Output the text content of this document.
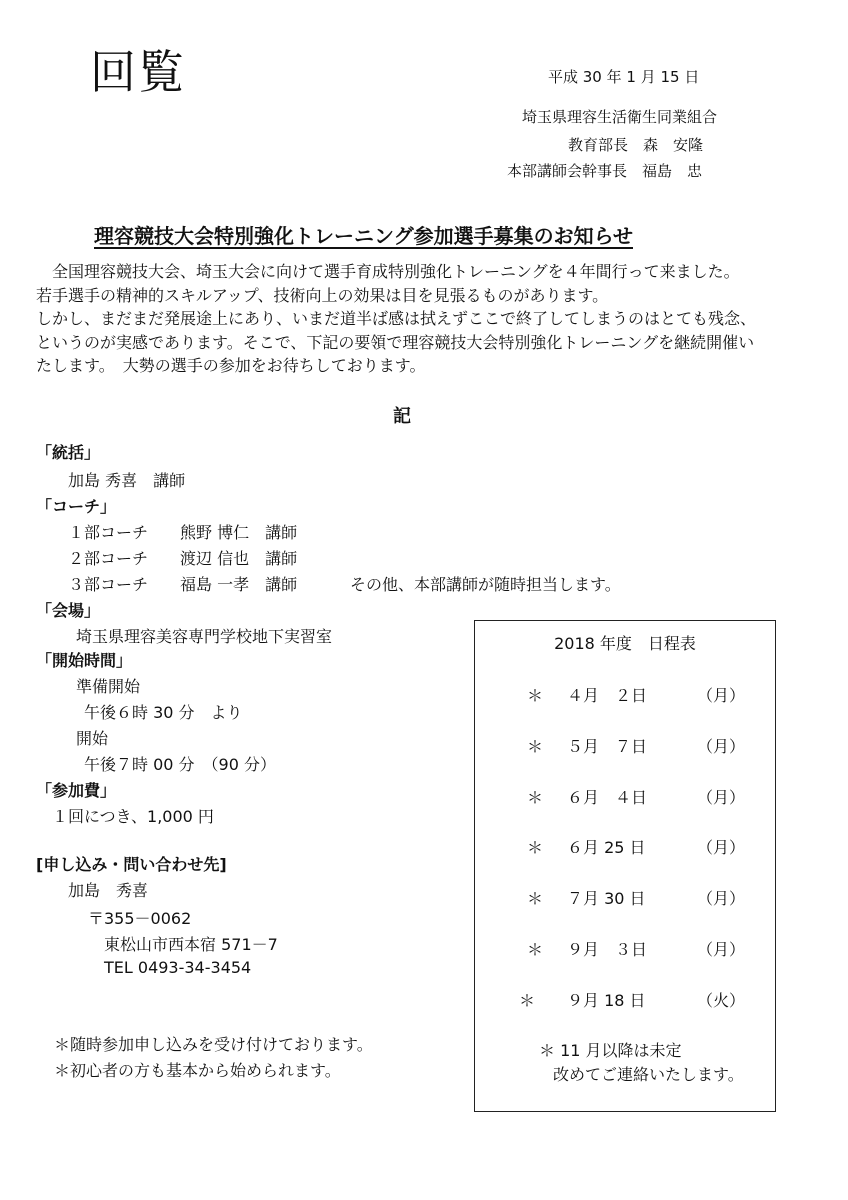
回覧	平成 30 年 1 月 15 日
埼玉県理容生活衛生同業組合
教育部長　森　安隆
本部講師会幹事長　福島　忠
理容競技大会特別強化トレーニング参加選手募集のお知らせ
　全国理容競技大会、埼玉大会に向けて選手育成特別強化トレーニングを４年間行って来ました。
若手選手の精神的スキルアップ、技術向上の効果は目を見張るものがあります。
しかし、まだまだ発展途上にあり、いまだ道半ば感は拭えずここで終了してしまうのはとても残念、
というのが実感であります。そこで、下記の要領で理容競技大会特別強化トレーニングを継続開催い
たします。　大勢の選手の参加をお待ちしております。
記
「統括」
加島 秀喜　講師
「コーチ」
１部コーチ　　熊野 博仁　講師
２部コーチ　　渡辺 信也　講師
３部コーチ　　福島 一孝　講師	その他、本部講師が随時担当します。
「会場」
埼玉県理容美容専門学校地下実習室
「開始時間」
準備開始
午後６時 30 分　より
開始
午後７時 00 分　（90 分）
「参加費」
１回につき、1,000 円
[申し込み・問い合わせ先]
加島　秀喜
〒355－0062
東松山市西本宿 571－7
TEL 0493-34-3454
＊随時参加申し込みを受け付けております。
＊初心者の方も基本から始められます。
2018 年度　日程表
＊	４月　２日	（月）
＊	５月　７日	（月）
＊	６月　４日	（月）
＊	６月 25 日	（月）
＊	７月 30 日	（月）
＊	９月　３日	（月）
＊	９月 18 日	（火）
＊ 11 月以降は未定
改めてご連絡いたします。
